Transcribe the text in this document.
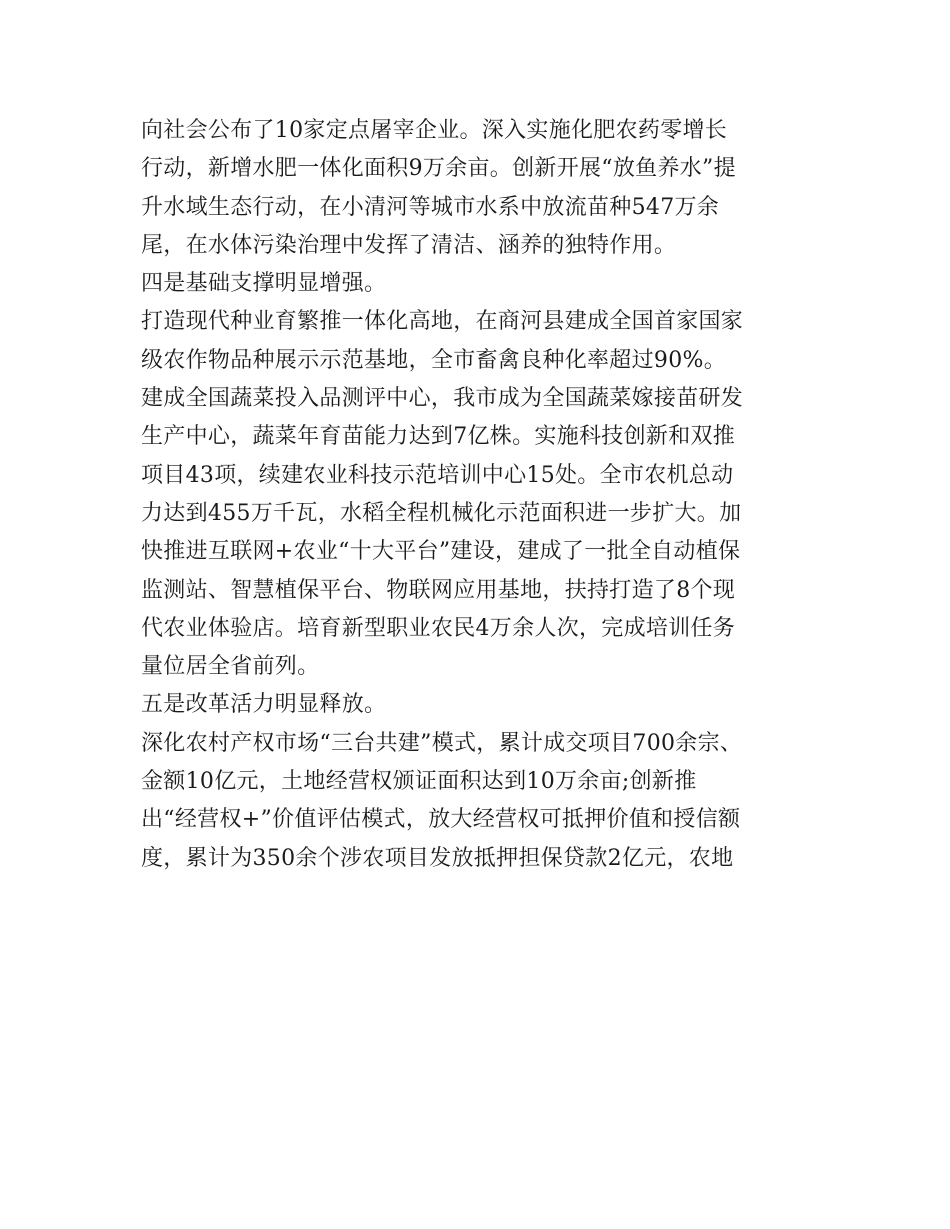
向社会公布了10家定点屠宰企业。深入实施化肥农药零增长
行动，新增水肥一体化面积9万余亩。创新开展“放鱼养水”提
升水域生态行动，在小清河等城市水系中放流苗种547万余
尾，在水体污染治理中发挥了清洁、涵养的独特作用。
四是基础支撑明显增强。
打造现代种业育繁推一体化高地，在商河县建成全国首家国家
级农作物品种展示示范基地，全市畜禽良种化率超过90%。
建成全国蔬菜投入品测评中心，我市成为全国蔬菜嫁接苗研发
生产中心，蔬菜年育苗能力达到7亿株。实施科技创新和双推
项目43项，续建农业科技示范培训中心15处。全市农机总动
力达到455万千瓦，水稻全程机械化示范面积进一步扩大。加
快推进互联网+农业“十大平台”建设，建成了一批全自动植保
监测站、智慧植保平台、物联网应用基地，扶持打造了8个现
代农业体验店。培育新型职业农民4万余人次，完成培训任务
量位居全省前列。
五是改革活力明显释放。
深化农村产权市场“三台共建”模式，累计成交项目700余宗、
金额10亿元，土地经营权颁证面积达到10万余亩;创新推
出“经营权+”价值评估模式，放大经营权可抵押价值和授信额
度，累计为350余个涉农项目发放抵押担保贷款2亿元，农地
